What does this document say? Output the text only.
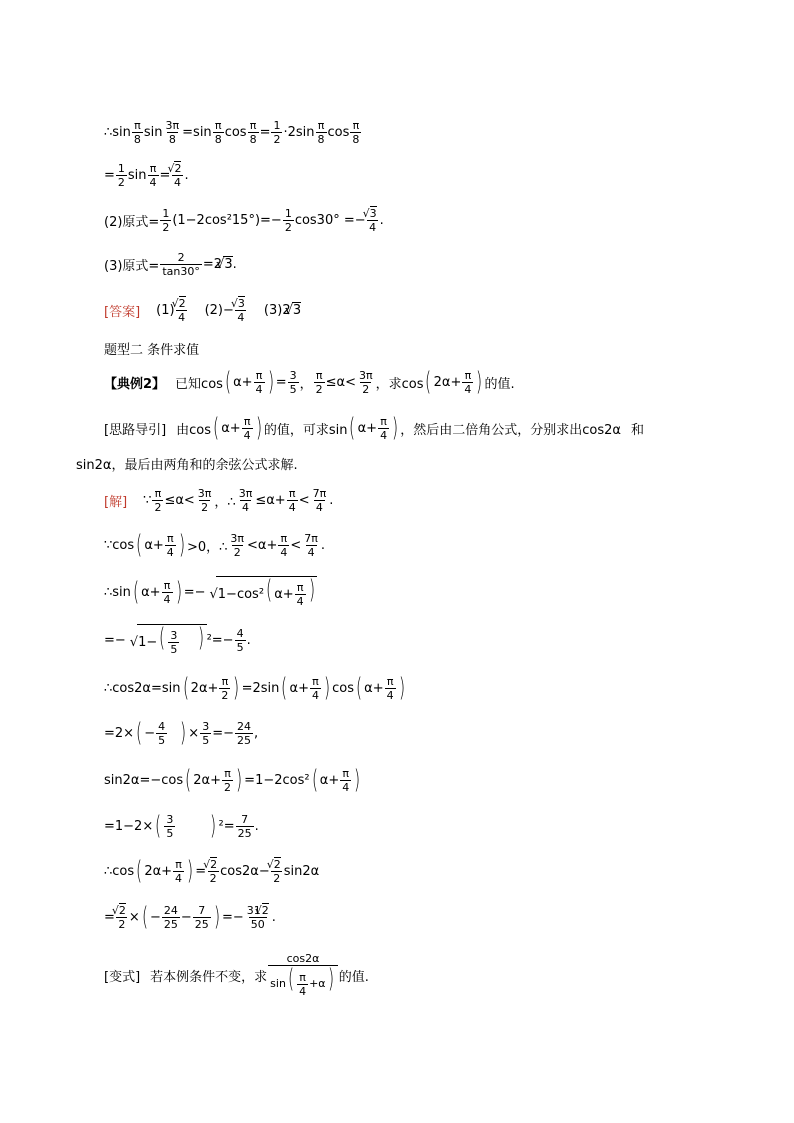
∴sin $\frac{\pi}{8}$ $\sin \frac{3\pi}{8} =\sin \frac{\pi}{8}$ $\cos \frac{\pi}{8} = \frac{1}{2} \cdot 2\sin \frac{\pi}{8}$ $\cos \frac{\pi}{8}$
= $\frac{1}{2}$ $\sin \frac{\pi}{4}$ = √ $\frac{2}{4}$ .
(2)原式= $\frac{1}{2} (1-2\cos^215^\circ)=- \frac{1}{2} \cos 30^\circ$ =− √ $\frac{3}{4}$ .
(3)原式= $\frac{2}{\tan 30^\circ} =2$ √ 3 .
[答案] (1) √ $\frac{2}{4} (2)-$ √ $\frac{3}{4} (3)2$ √ 3
题型二 条件求值
【典例2】 已知cos ( $\alpha+ \frac{\pi}{4}$ ) = $\frac{3}{5}$ ， $\frac{\pi}{2} \le\alpha< \frac{3\pi}{2}$ ，求cos ( $2\alpha+ \frac{\pi}{4}$ ) 的值.
[思路导引] 由cos ( $\alpha+ \frac{\pi}{4}$ ) 的值，可求sin ( $\alpha+ \frac{\pi}{4}$ ) ，然后由二倍角公式，分别求出cos2α 和
sin2α，最后由两角和的余弦公式求解.
[解] ∵ $\frac{\pi}{2} \le\alpha< \frac{3\pi}{2}$ ，∴ $\frac{3\pi}{4} \le\alpha+ \frac{\pi}{4} < \frac{7\pi}{4}$ .
∵cos ( $\alpha+ \frac{\pi}{4}$ ) >0，∴ $\frac{3\pi}{2} <\alpha+ \frac{\pi}{4} < \frac{7\pi}{4}$ .
∴sin ( $\alpha+ \frac{\pi}{4}$ ) =− √ 1−cos²( $\alpha+ \frac{\pi}{4}$ )
=− √ $1-( \frac{3}{5}$ ) $^2=- \frac{4}{5}$ .
∴cos2α=sin ( $2\alpha+ \frac{\pi}{2}$ ) =2sin ( $\alpha+ \frac{\pi}{4}$ ) cos ( $\alpha+ \frac{\pi}{4}$ )
=2× ( − $\frac{4}{5}$ ) × $\frac{3}{5} =- \frac{24}{25}$ ,
sin2α=−cos ( $2\alpha+ \frac{\pi}{2}$ ) =1−2cos² ( $\alpha+ \frac{\pi}{4}$ )
=1−2× ( $\frac{3}{5}$ ) $^2= \frac{7}{25}$ .
∴cos ( $2\alpha+ \frac{\pi}{4}$ ) = √ $\frac{2}{2} \cos 2\alpha-$ √ $\frac{2}{2} \sin 2\alpha$
= √ $\frac{2}{2}$ × ( − $\frac{24}{25} - \frac{7}{25}$ ) =− $\frac{31√ 2}{50}$ .
[变式] 若本例条件不变，求 $\frac{\cos 2\alpha}{\sin( \frac{\pi}{4} +\alpha)}$ 的值.
